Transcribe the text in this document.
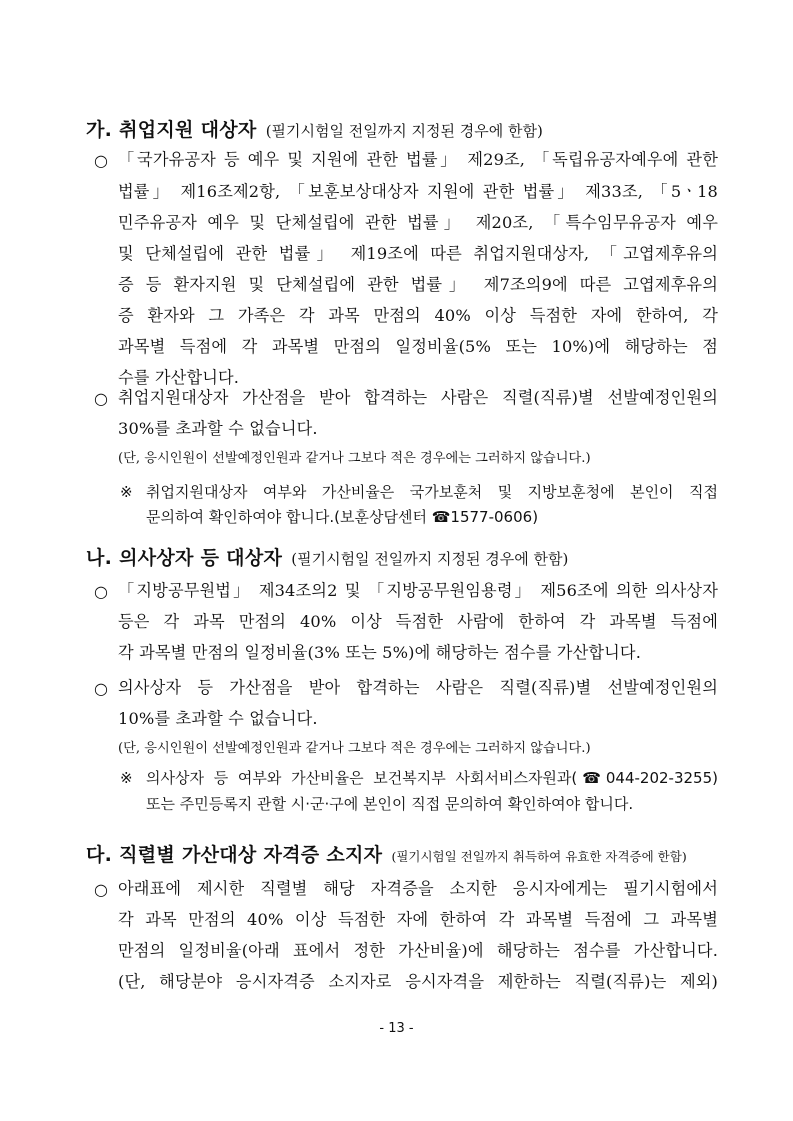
가. 취업지원 대상자 (필기시험일 전일까지 지정된 경우에 한함)
○ 「국가유공자 등 예우 및 지원에 관한 법률」 제29조, 「독립유공자예우에 관한
법률」 제16조제2항, 「보훈보상대상자 지원에 관한 법률」 제33조, 「5ㆍ18
민주유공자 예우 및 단체설립에 관한 법률」 제20조, 「특수임무유공자 예우
및 단체설립에 관한 법률」 제19조에 따른 취업지원대상자, 「고엽제후유의
증 등 환자지원 및 단체설립에 관한 법률」 제7조의9에 따른 고엽제후유의
증 환자와 그 가족은 각 과목 만점의 40% 이상 득점한 자에 한하여, 각
과목별 득점에 각 과목별 만점의 일정비율(5% 또는 10%)에 해당하는 점
수를 가산합니다.
○ 취업지원대상자 가산점을 받아 합격하는 사람은 직렬(직류)별 선발예정인원의
30%를 초과할 수 없습니다.
(단, 응시인원이 선발예정인원과 같거나 그보다 적은 경우에는 그러하지 않습니다.)
※ 취업지원대상자 여부와 가산비율은 국가보훈처 및 지방보훈청에 본인이 직접
문의하여 확인하여야 합니다.(보훈상담센터 ☎1577-0606)
나. 의사상자 등 대상자 (필기시험일 전일까지 지정된 경우에 한함)
○ 「지방공무원법」 제34조의2 및 「지방공무원임용령」 제56조에 의한 의사상자
등은 각 과목 만점의 40% 이상 득점한 사람에 한하여 각 과목별 득점에
각 과목별 만점의 일정비율(3% 또는 5%)에 해당하는 점수를 가산합니다.
○ 의사상자 등 가산점을 받아 합격하는 사람은 직렬(직류)별 선발예정인원의
10%를 초과할 수 없습니다.
(단, 응시인원이 선발예정인원과 같거나 그보다 적은 경우에는 그러하지 않습니다.)
※ 의사상자 등 여부와 가산비율은 보건복지부 사회서비스자원과(☎044-202-3255)
또는 주민등록지 관할 시·군·구에 본인이 직접 문의하여 확인하여야 합니다.
다. 직렬별 가산대상 자격증 소지자 (필기시험일 전일까지 취득하여 유효한 자격증에 한함)
○ 아래표에 제시한 직렬별 해당 자격증을 소지한 응시자에게는 필기시험에서
각 과목 만점의 40% 이상 득점한 자에 한하여 각 과목별 득점에 그 과목별
만점의 일정비율(아래 표에서 정한 가산비율)에 해당하는 점수를 가산합니다.
(단, 해당분야 응시자격증 소지자로 응시자격을 제한하는 직렬(직류)는 제외)
- 13 -
